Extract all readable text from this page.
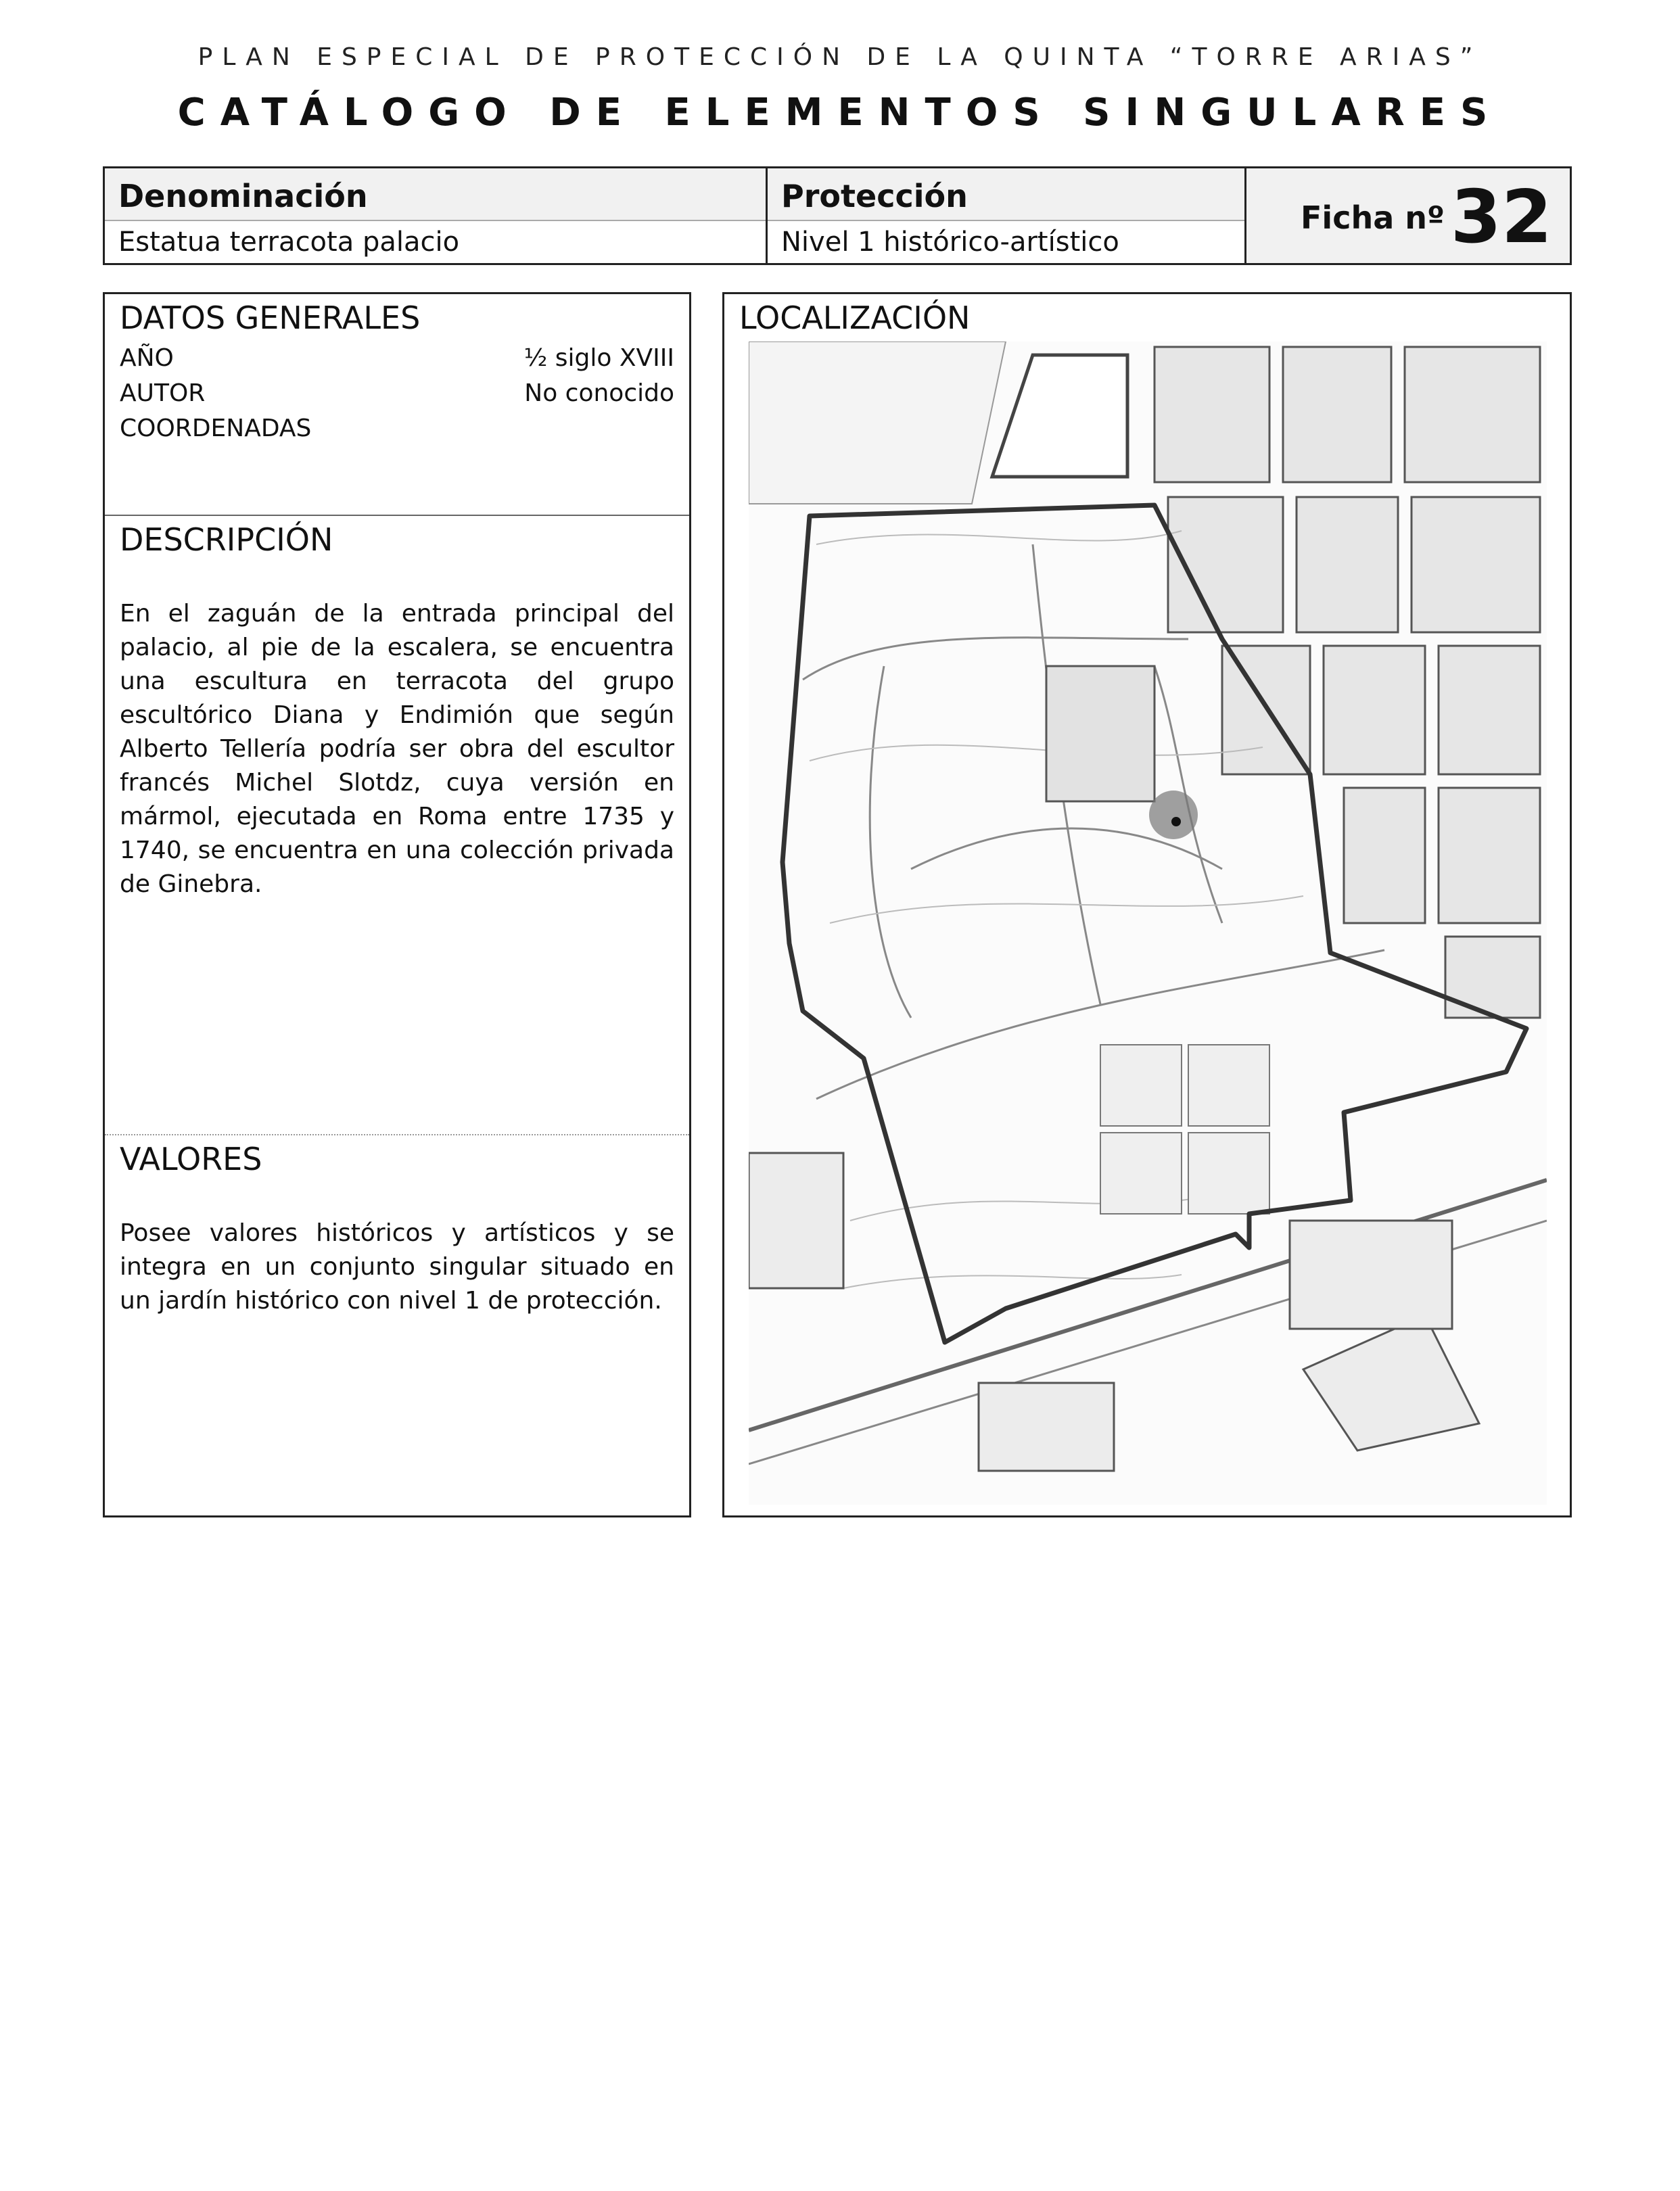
PLAN ESPECIAL DE PROTECCIÓN DE LA QUINTA “TORRE ARIAS”
CATÁLOGO DE ELEMENTOS SINGULARES
Denominación
Estatua terracota palacio
Protección
Nivel 1 histórico-artístico
Ficha nº 32
DATOS GENERALES
AÑO	½ siglo XVIII
AUTOR	No conocido
COORDENADAS
DESCRIPCIÓN
En el zaguán de la entrada principal del palacio, al pie de la escalera, se encuentra una escultura en terracota del grupo escultórico Diana y Endimión que según Alberto Tellería podría ser obra del escultor francés Michel Slotdz, cuya versión en mármol, ejecutada en Roma entre 1735 y 1740, se encuentra en una colección privada de Ginebra.
VALORES
Posee valores históricos y artísticos y se integra en un conjunto singular situado en un jardín histórico con nivel 1 de protección.
LOCALIZACIÓN
